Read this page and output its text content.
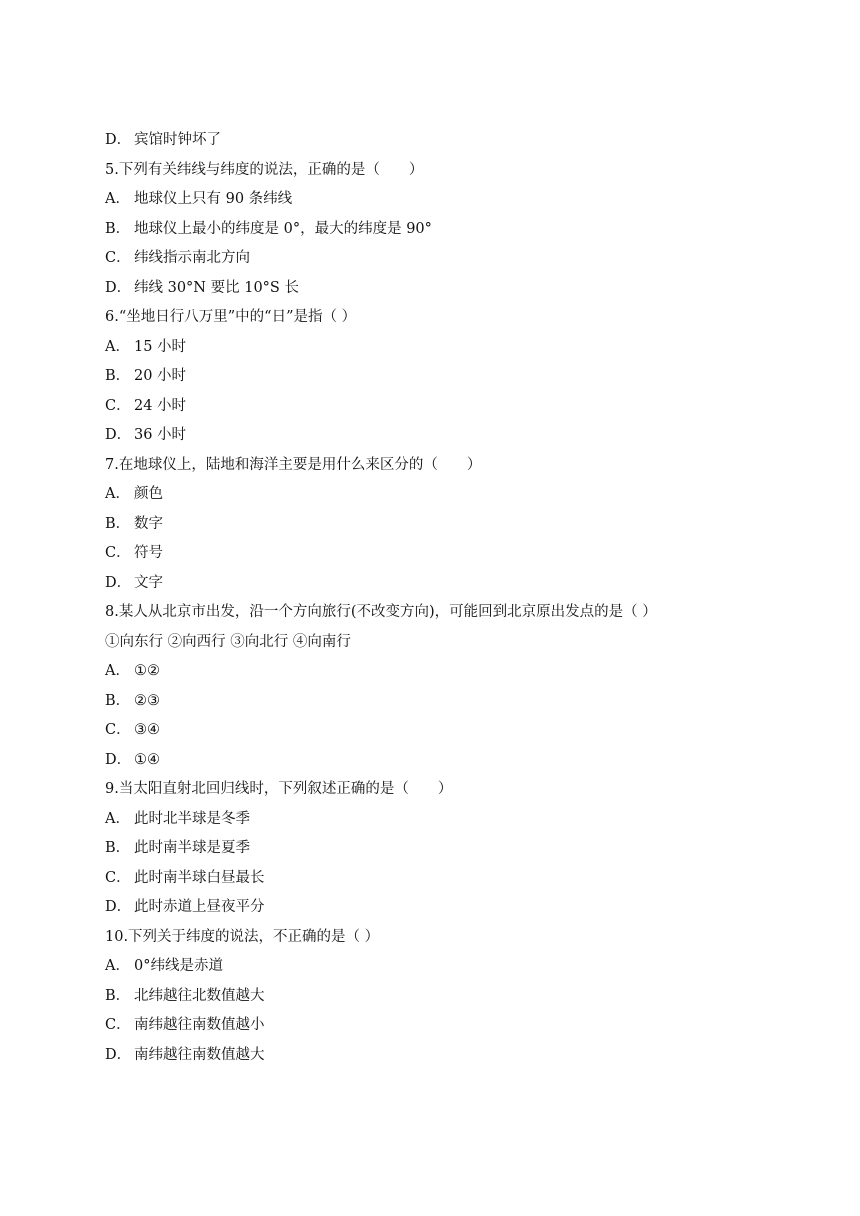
D． 宾馆时钟坏了
5.下列有关纬线与纬度的说法，正确的是（　　）
A． 地球仪上只有 90 条纬线
B． 地球仪上最小的纬度是 0°，最大的纬度是 90°
C． 纬线指示南北方向
D． 纬线 30°N 要比 10°S 长
6.“坐地日行八万里”中的“日”是指（ ）
A． 15 小时
B． 20 小时
C． 24 小时
D． 36 小时
7.在地球仪上，陆地和海洋主要是用什么来区分的（　　）
A． 颜色
B． 数字
C． 符号
D． 文字
8.某人从北京市出发，沿一个方向旅行(不改变方向)，可能回到北京原出发点的是（ ）
①向东行 ②向西行 ③向北行 ④向南行
A． ①②
B． ②③
C． ③④
D． ①④
9.当太阳直射北回归线时，下列叙述正确的是（　　）
A． 此时北半球是冬季
B． 此时南半球是夏季
C． 此时南半球白昼最长
D． 此时赤道上昼夜平分
10.下列关于纬度的说法，不正确的是（ ）
A． 0°纬线是赤道
B． 北纬越往北数值越大
C． 南纬越往南数值越小
D． 南纬越往南数值越大
